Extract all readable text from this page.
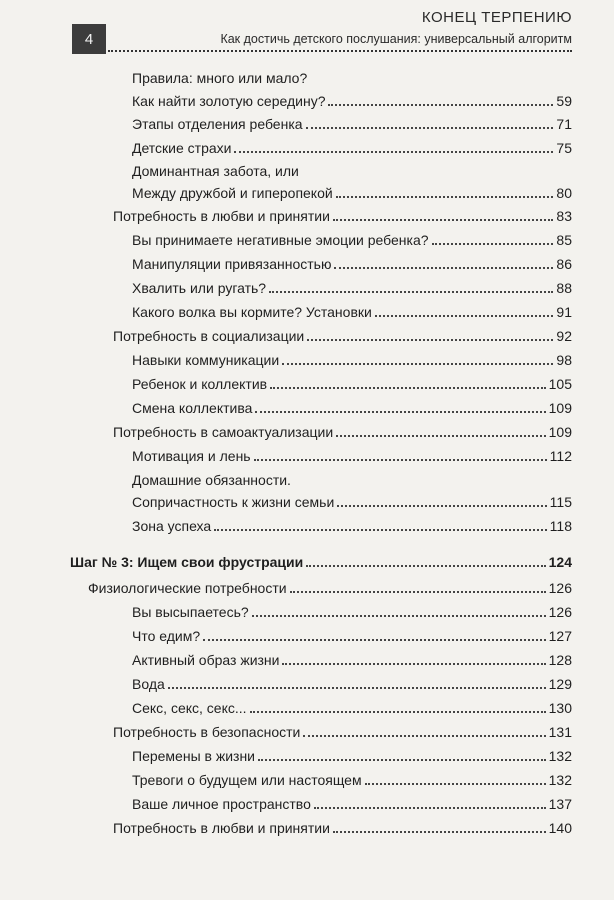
КОНЕЦ ТЕРПЕНИЮ
4	Как достичь детского послушания: универсальный алгоритм
Правила: много или мало?
Как найти золотую середину?	59
Этапы отделения ребенка	71
Детские страхи	75
Доминантная забота, или
Между дружбой и гиперопекой	80
Потребность в любви и принятии	83
Вы принимаете негативные эмоции ребенка?	85
Манипуляции привязанностью	86
Хвалить или ругать?	88
Какого волка вы кормите? Установки	91
Потребность в социализации	92
Навыки коммуникации	98
Ребенок и коллектив	105
Смена коллектива	109
Потребность в самоактуализации	109
Мотивация и лень	112
Домашние обязанности.
Сопричастность к жизни семьи	115
Зона успеха	118
Шаг № 3: Ищем свои фрустрации	124
Физиологические потребности	126
Вы высыпаетесь?	126
Что едим?	127
Активный образ жизни	128
Вода	129
Секс, секс, секс...	130
Потребность в безопасности	131
Перемены в жизни	132
Тревоги о будущем или настоящем	132
Ваше личное пространство	137
Потребность в любви и принятии	140
